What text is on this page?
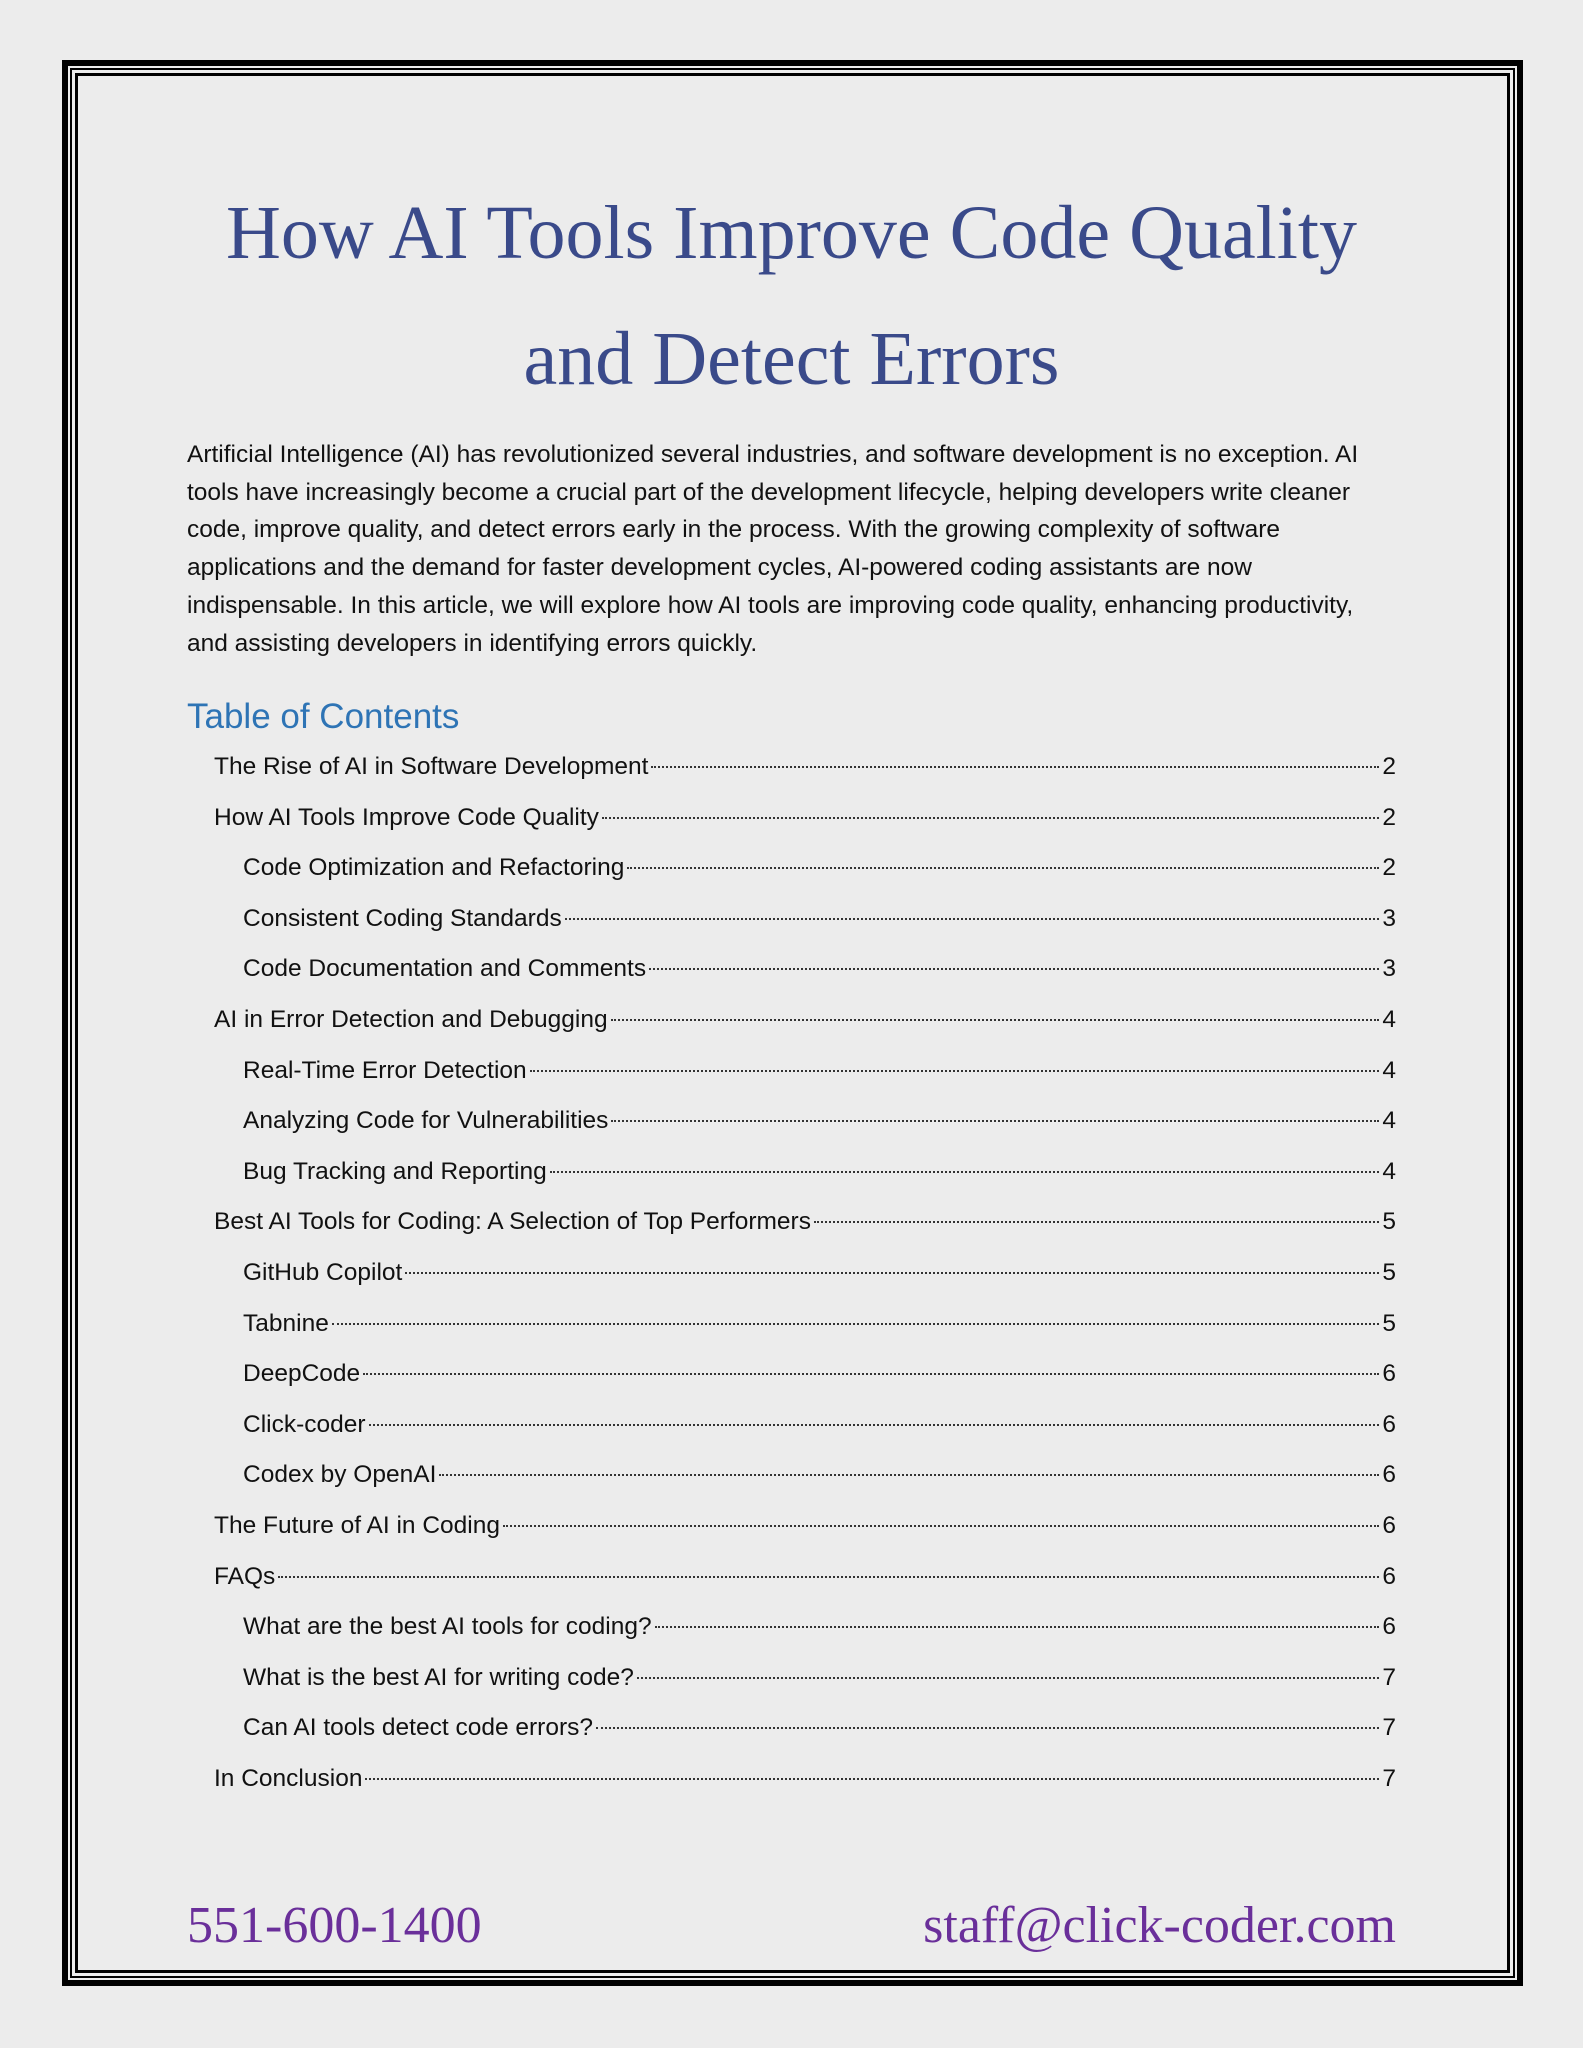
How AI Tools Improve Code Quality
and Detect Errors

Artificial Intelligence (AI) has revolutionized several industries, and software development is no exception. AI tools have increasingly become a crucial part of the development lifecycle, helping developers write cleaner code, improve quality, and detect errors early in the process. With the growing complexity of software applications and the demand for faster development cycles, AI-powered coding assistants are now indispensable. In this article, we will explore how AI tools are improving code quality, enhancing productivity, and assisting developers in identifying errors quickly.

Table of Contents
The Rise of AI in Software Development	2
How AI Tools Improve Code Quality	2
Code Optimization and Refactoring	2
Consistent Coding Standards	3
Code Documentation and Comments	3
AI in Error Detection and Debugging	4
Real-Time Error Detection	4
Analyzing Code for Vulnerabilities	4
Bug Tracking and Reporting	4
Best AI Tools for Coding: A Selection of Top Performers	5
GitHub Copilot	5
Tabnine	5
DeepCode	6
Click-coder	6
Codex by OpenAI	6
The Future of AI in Coding	6
FAQs	6
What are the best AI tools for coding?	6
What is the best AI for writing code?	7
Can AI tools detect code errors?	7
In Conclusion	7
551-600-1400	staff@click-coder.com
